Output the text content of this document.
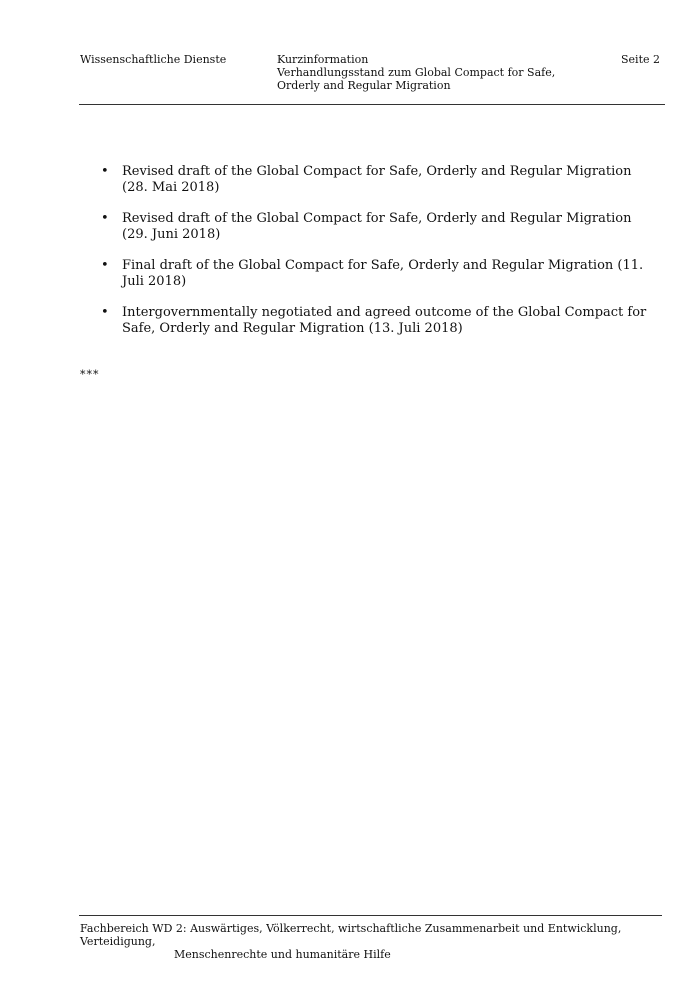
Wissenschaftliche Dienste	Kurzinformation
Verhandlungsstand zum Global Compact for Safe,
Orderly and Regular Migration
Seite 2
• Revised draft of the Global Compact for Safe, Orderly and Regular Migration (28. Mai 2018)
• Revised draft of the Global Compact for Safe, Orderly and Regular Migration (29. Juni 2018)
• Final draft of the Global Compact for Safe, Orderly and Regular Migration (11. Juli 2018)
• Intergovernmentally negotiated and agreed outcome of the Global Compact for Safe, Orderly and Regular Migration (13. Juli 2018)
***
Fachbereich WD 2: Auswärtiges, Völkerrecht, wirtschaftliche Zusammenarbeit und Entwicklung, Verteidigung,
Menschenrechte und humanitäre Hilfe
